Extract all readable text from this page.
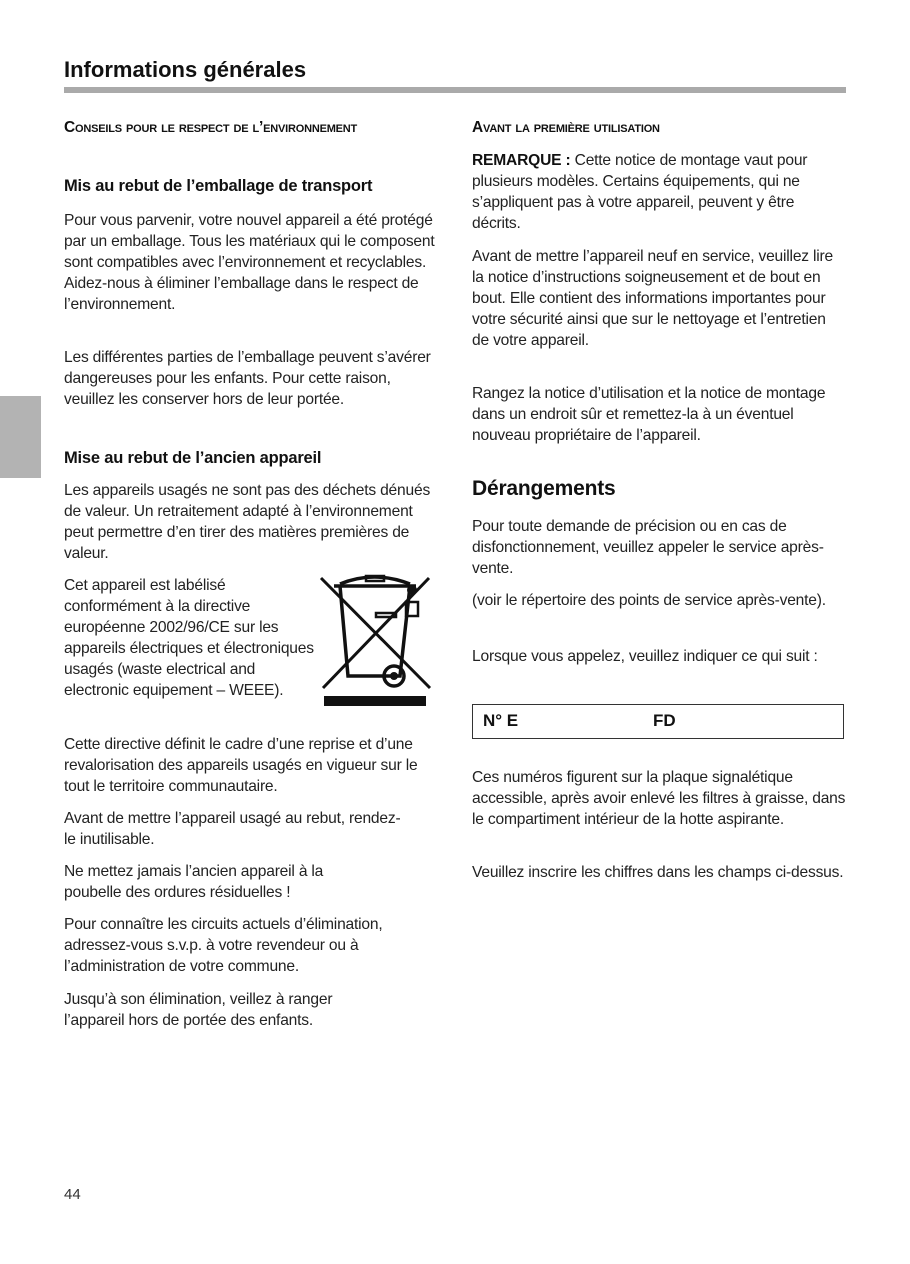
Informations générales
Conseils pour le respect de l’environnement
Mis au rebut de l’emballage de transport
Pour vous parvenir, votre nouvel appareil a été protégé par un emballage. Tous les matériaux qui le composent sont compatibles avec l’environnement et recyclables. Aidez-nous à éliminer l’emballage dans le respect de l’environnement.
Les différentes parties de l’emballage peuvent s’avérer dangereuses pour les enfants. Pour cette raison, veuillez les conserver hors de leur portée.
Mise au rebut de l’ancien appareil
Les appareils usagés ne sont pas des déchets dénués de valeur. Un retraitement adapté à l’environnement peut permettre d’en tirer des matières premières de valeur.
Cet appareil est labélisé conformément à la directive européenne 2002/96/CE sur les appareils électriques et électroniques usagés (waste electrical and electronic equipement – WEEE).
Cette directive définit le cadre d’une reprise et d’une revalorisation des appareils usagés en vigueur sur le tout le territoire communautaire.
Avant de mettre l’appareil usagé au rebut, rendez-le inutilisable.
Ne mettez jamais l’ancien appareil à la poubelle des ordures résiduelles !
Pour connaître les circuits actuels d’élimination, adressez-vous s.v.p. à votre revendeur ou à l’administration de votre commune.
Jusqu’à son élimination, veillez à ranger l’appareil hors de portée des enfants.
Avant la première utilisation
REMARQUE : Cette notice de montage vaut pour plusieurs modèles. Certains équipements, qui ne s’appliquent pas à votre appareil, peuvent y être décrits.
Avant de mettre l’appareil neuf en service, veuillez lire la notice d’instructions soigneusement et de bout en bout. Elle contient des informations importantes pour votre sécurité ainsi que sur le nettoyage et l’entretien de votre appareil.
Rangez la notice d’utilisation et la notice de montage dans un endroit sûr et remettez-la à un éventuel nouveau propriétaire de l’appareil.
Dérangements
Pour toute demande de précision ou en cas de disfonctionnement, veuillez appeler le service après-vente.
(voir le répertoire des points de service après-vente).
Lorsque vous appelez, veuillez indiquer ce qui suit :
N° E	FD
Ces numéros figurent sur la plaque signalétique accessible, après avoir enlevé les filtres à graisse, dans le compartiment intérieur de la hotte aspirante.
Veuillez inscrire les chiffres dans les champs ci-dessus.
44
